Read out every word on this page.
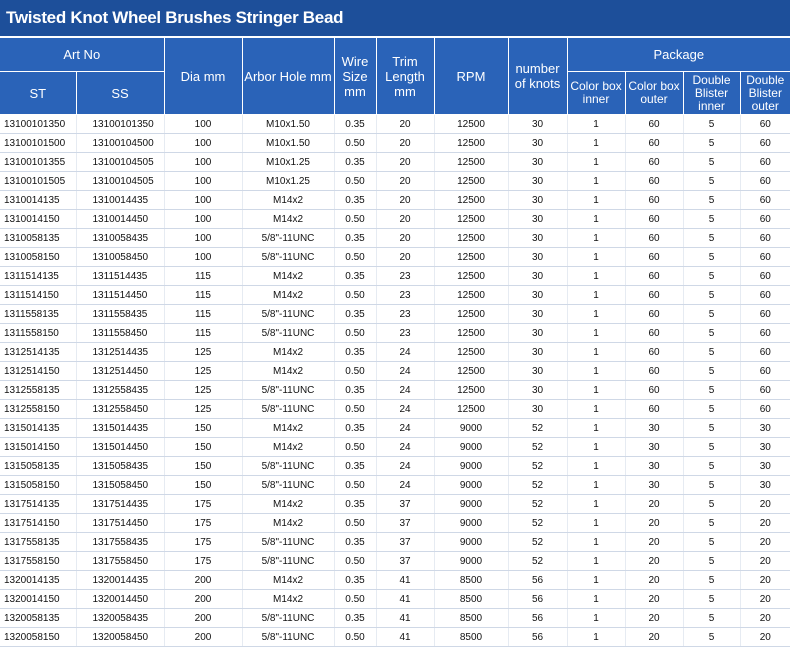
Twisted Knot Wheel Brushes Stringer Bead
Art No		Dia mm	Arbor Hole mm	Wire Size mm	Trim Length mm	RPM	number of knots	Package			
ST	SS							Color box inner	Color box outer	Double Blister inner	Double Blister outer
13100101350	13100101350	100	M10x1.50	0.35	20	12500	30	1	60	5	60
13100101500	13100104500	100	M10x1.50	0.50	20	12500	30	1	60	5	60
13100101355	13100104505	100	M10x1.25	0.35	20	12500	30	1	60	5	60
13100101505	13100104505	100	M10x1.25	0.50	20	12500	30	1	60	5	60
1310014135	1310014435	100	M14x2	0.35	20	12500	30	1	60	5	60
1310014150	1310014450	100	M14x2	0.50	20	12500	30	1	60	5	60
1310058135	1310058435	100	5/8"-11UNC	0.35	20	12500	30	1	60	5	60
1310058150	1310058450	100	5/8"-11UNC	0.50	20	12500	30	1	60	5	60
1311514135	1311514435	115	M14x2	0.35	23	12500	30	1	60	5	60
1311514150	1311514450	115	M14x2	0.50	23	12500	30	1	60	5	60
1311558135	1311558435	115	5/8"-11UNC	0.35	23	12500	30	1	60	5	60
1311558150	1311558450	115	5/8"-11UNC	0.50	23	12500	30	1	60	5	60
1312514135	1312514435	125	M14x2	0.35	24	12500	30	1	60	5	60
1312514150	1312514450	125	M14x2	0.50	24	12500	30	1	60	5	60
1312558135	1312558435	125	5/8"-11UNC	0.35	24	12500	30	1	60	5	60
1312558150	1312558450	125	5/8"-11UNC	0.50	24	12500	30	1	60	5	60
1315014135	1315014435	150	M14x2	0.35	24	9000	52	1	30	5	30
1315014150	1315014450	150	M14x2	0.50	24	9000	52	1	30	5	30
1315058135	1315058435	150	5/8"-11UNC	0.35	24	9000	52	1	30	5	30
1315058150	1315058450	150	5/8"-11UNC	0.50	24	9000	52	1	30	5	30
1317514135	1317514435	175	M14x2	0.35	37	9000	52	1	20	5	20
1317514150	1317514450	175	M14x2	0.50	37	9000	52	1	20	5	20
1317558135	1317558435	175	5/8"-11UNC	0.35	37	9000	52	1	20	5	20
1317558150	1317558450	175	5/8"-11UNC	0.50	37	9000	52	1	20	5	20
1320014135	1320014435	200	M14x2	0.35	41	8500	56	1	20	5	20
1320014150	1320014450	200	M14x2	0.50	41	8500	56	1	20	5	20
1320058135	1320058435	200	5/8"-11UNC	0.35	41	8500	56	1	20	5	20
1320058150	1320058450	200	5/8"-11UNC	0.50	41	8500	56	1	20	5	20
